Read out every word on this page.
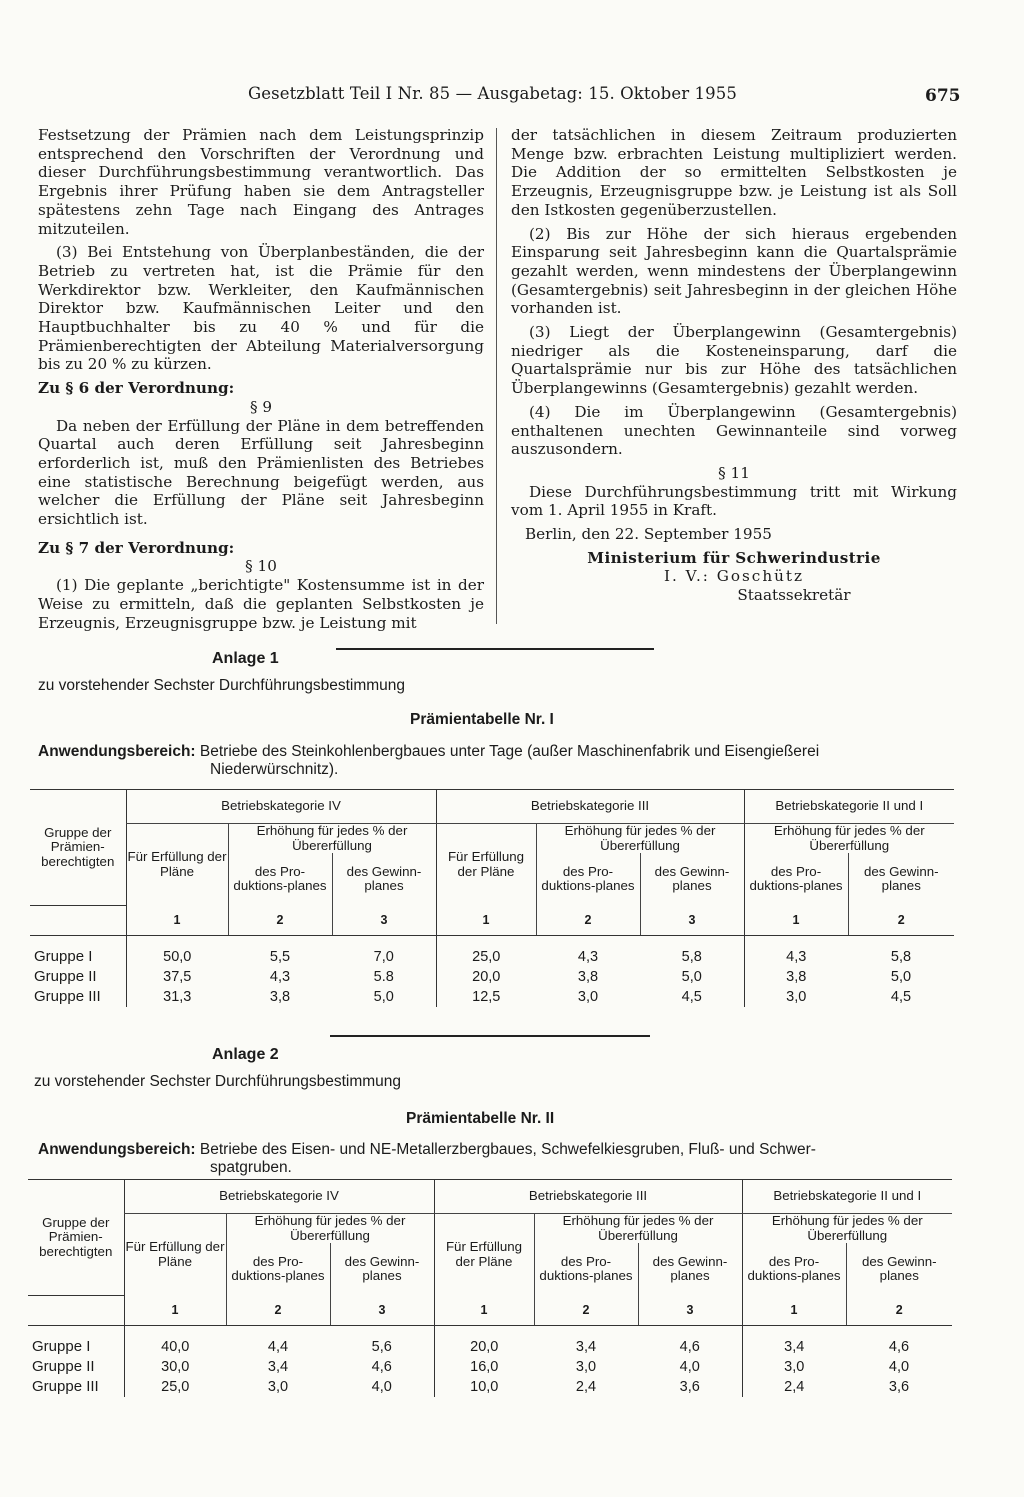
Gesetzblatt Teil I Nr. 85 — Ausgabetag: 15. Oktober 1955	675

Festsetzung der Prämien nach dem Leistungsprinzip entsprechend den Vorschriften der Verordnung und dieser Durchführungsbestimmung verantwortlich. Das Ergebnis ihrer Prüfung haben sie dem Antragsteller spätestens zehn Tage nach Eingang des Antrages mitzuteilen.

(3) Bei Entstehung von Überplanbeständen, die der Betrieb zu vertreten hat, ist die Prämie für den Werkdirektor bzw. Werkleiter, den Kaufmännischen Direktor bzw. Kaufmännischen Leiter und den Hauptbuchhalter bis zu 40 % und für die Prämienberechtigten der Abteilung Materialversorgung bis zu 20 % zu kürzen.

Zu § 6 der Verordnung:

§ 9

Da neben der Erfüllung der Pläne in dem betreffenden Quartal auch deren Erfüllung seit Jahresbeginn erforderlich ist, muß den Prämienlisten des Betriebes eine statistische Berechnung beigefügt werden, aus welcher die Erfüllung der Pläne seit Jahresbeginn ersichtlich ist.

Zu § 7 der Verordnung:

§ 10

(1) Die geplante „berichtigte" Kostensumme ist in der Weise zu ermitteln, daß die geplanten Selbstkosten je Erzeugnis, Erzeugnisgruppe bzw. je Leistung mit

der tatsächlichen in diesem Zeitraum produzierten Menge bzw. erbrachten Leistung multipliziert werden. Die Addition der so ermittelten Selbstkosten je Erzeugnis, Erzeugnisgruppe bzw. je Leistung ist als Soll den Istkosten gegenüberzustellen.

(2) Bis zur Höhe der sich hieraus ergebenden Einsparung seit Jahresbeginn kann die Quartalsprämie gezahlt werden, wenn mindestens der Überplangewinn (Gesamtergebnis) seit Jahresbeginn in der gleichen Höhe vorhanden ist.

(3) Liegt der Überplangewinn (Gesamtergebnis) niedriger als die Kosteneinsparung, darf die Quartalsprämie nur bis zur Höhe des tatsächlichen Überplangewinns (Gesamtergebnis) gezahlt werden.

(4) Die im Überplangewinn (Gesamtergebnis) enthaltenen unechten Gewinnanteile sind vorweg auszusondern.

§ 11

Diese Durchführungsbestimmung tritt mit Wirkung vom 1. April 1955 in Kraft.

Berlin, den 22. September 1955

Ministerium für Schwerindustrie

I. V.: Goschütz

Staatssekretär

Anlage 1
zu vorstehender Sechster Durchführungsbestimmung
Prämientabelle Nr. I
Anwendungsbereich: Betriebe des Steinkohlenbergbaues unter Tage (außer Maschinenfabrik und Eisengießerei
Niederwürschnitz).
Gruppe der Prämien-berechtigten	Betriebskategorie IV			Betriebskategorie III			Betriebskategorie II und I	
	Für Erfüllung der Pläne	Erhöhung für jedes % der Übererfüllung		Für Erfüllung der Pläne	Erhöhung für jedes % der Übererfüllung		Erhöhung für jedes % der Übererfüllung	
		des Pro-duktions-planes	des Gewinn-planes		des Pro-duktions-planes	des Gewinn-planes	des Pro-duktions-planes	des Gewinn-planes
	1	2	3	1	2	3	1	2

Gruppe I	50,0	5,5	7,0	25,0	4,3	5,8	4,3	5,8
Gruppe II	37,5	4,3	5.8	20,0	3,8	5,0	3,8	5,0
Gruppe III	31,3	3,8	5,0	12,5	3,0	4,5	3,0	4,5
Anlage 2
zu vorstehender Sechster Durchführungsbestimmung
Prämientabelle Nr. II
Anwendungsbereich: Betriebe des Eisen- und NE-Metallerzbergbaues, Schwefelkiesgruben, Fluß- und Schwer-
spatgruben.
Gruppe der Prämien-berechtigten	Betriebskategorie IV			Betriebskategorie III			Betriebskategorie II und I	
	Für Erfüllung der Pläne	Erhöhung für jedes % der Übererfüllung		Für Erfüllung der Pläne	Erhöhung für jedes % der Übererfüllung		Erhöhung für jedes % der Übererfüllung	
		des Pro-duktions-planes	des Gewinn-planes		des Pro-duktions-planes	des Gewinn-planes	des Pro-duktions-planes	des Gewinn-planes
	1	2	3	1	2	3	1	2

Gruppe I	40,0	4,4	5,6	20,0	3,4	4,6	3,4	4,6
Gruppe II	30,0	3,4	4,6	16,0	3,0	4,0	3,0	4,0
Gruppe III	25,0	3,0	4,0	10,0	2,4	3,6	2,4	3,6
